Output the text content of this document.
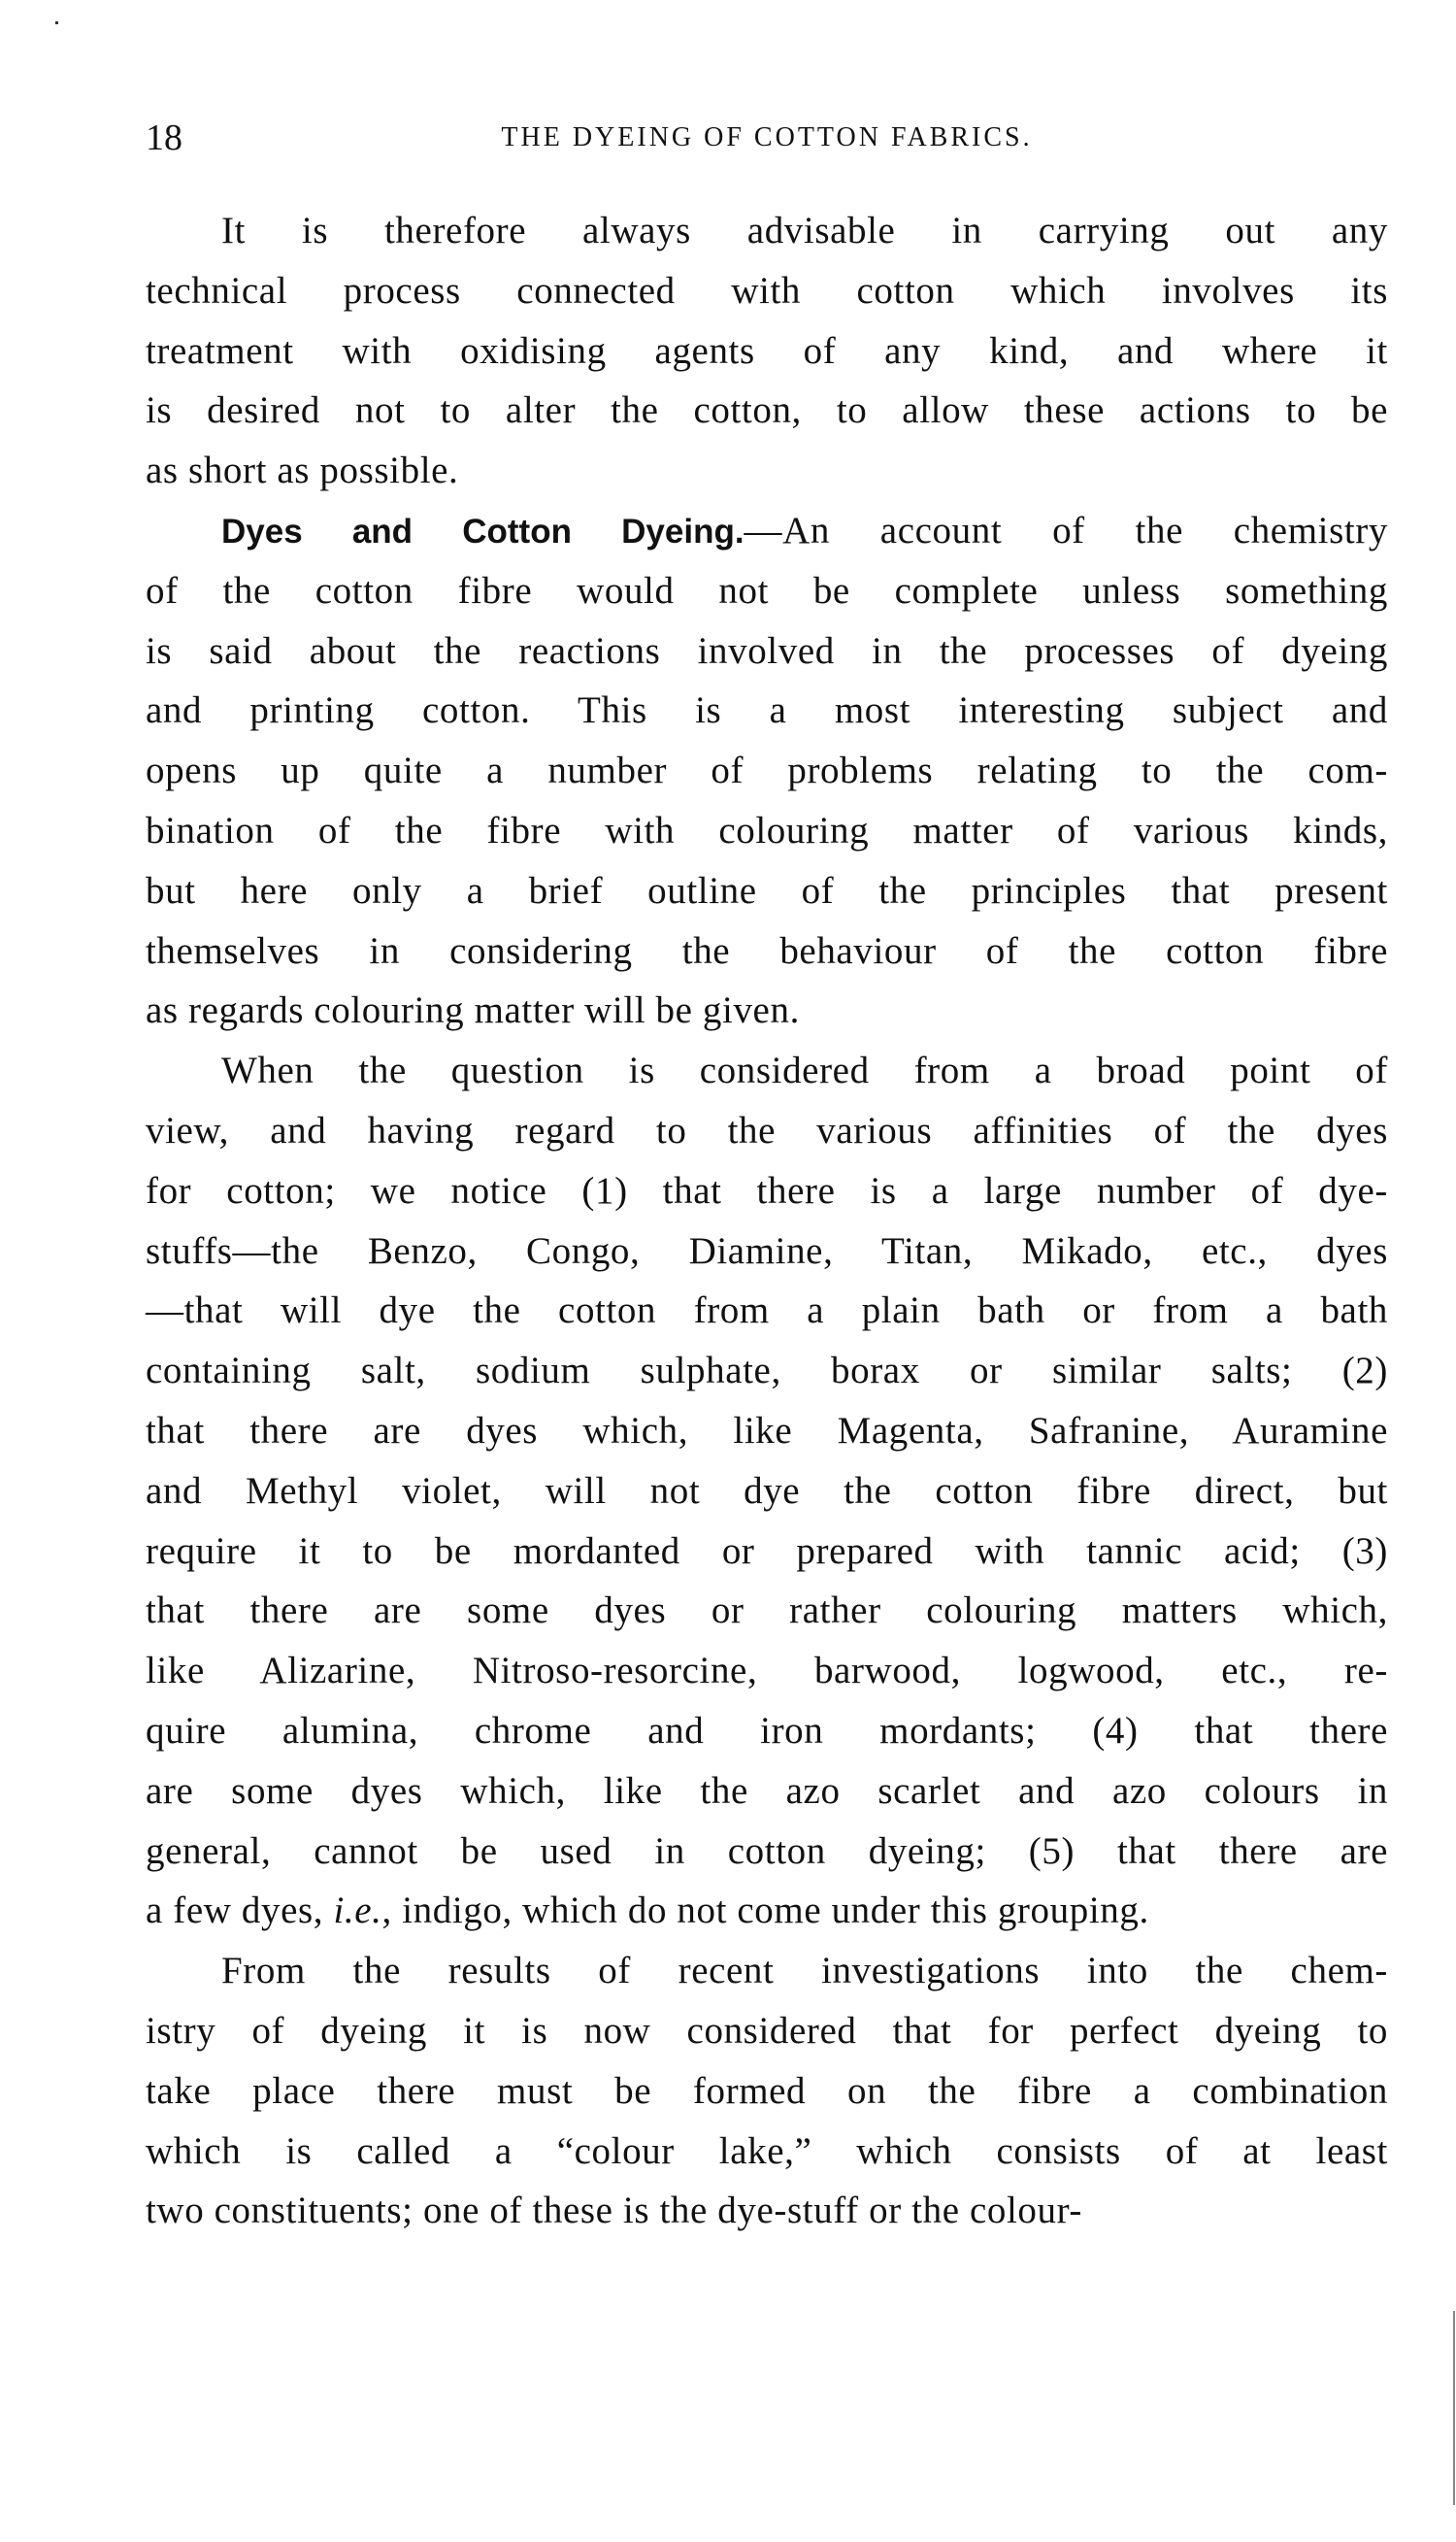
18	THE DYEING OF COTTON FABRICS.
It is therefore always advisable in carrying out any
technical process connected with cotton which involves its
treatment with oxidising agents of any kind, and where it
is desired not to alter the cotton, to allow these actions to be
as short as possible.
Dyes and Cotton Dyeing.—An account of the chemistry
of the cotton fibre would not be complete unless something
is said about the reactions involved in the processes of dyeing
and printing cotton. This is a most interesting subject and
opens up quite a number of problems relating to the com-
bination of the fibre with colouring matter of various kinds,
but here only a brief outline of the principles that present
themselves in considering the behaviour of the cotton fibre
as regards colouring matter will be given.
When the question is considered from a broad point of
view, and having regard to the various affinities of the dyes
for cotton; we notice (1) that there is a large number of dye-
stuffs—the Benzo, Congo, Diamine, Titan, Mikado, etc., dyes
—that will dye the cotton from a plain bath or from a bath
containing salt, sodium sulphate, borax or similar salts; (2)
that there are dyes which, like Magenta, Safranine, Auramine
and Methyl violet, will not dye the cotton fibre direct, but
require it to be mordanted or prepared with tannic acid; (3)
that there are some dyes or rather colouring matters which,
like Alizarine, Nitroso-resorcine, barwood, logwood, etc., re-
quire alumina, chrome and iron mordants; (4) that there
are some dyes which, like the azo scarlet and azo colours in
general, cannot be used in cotton dyeing; (5) that there are
a few dyes, i.e., indigo, which do not come under this grouping.
From the results of recent investigations into the chem-
istry of dyeing it is now considered that for perfect dyeing to
take place there must be formed on the fibre a combination
which is called a “colour lake,” which consists of at least
two constituents; one of these is the dye-stuff or the colour-
